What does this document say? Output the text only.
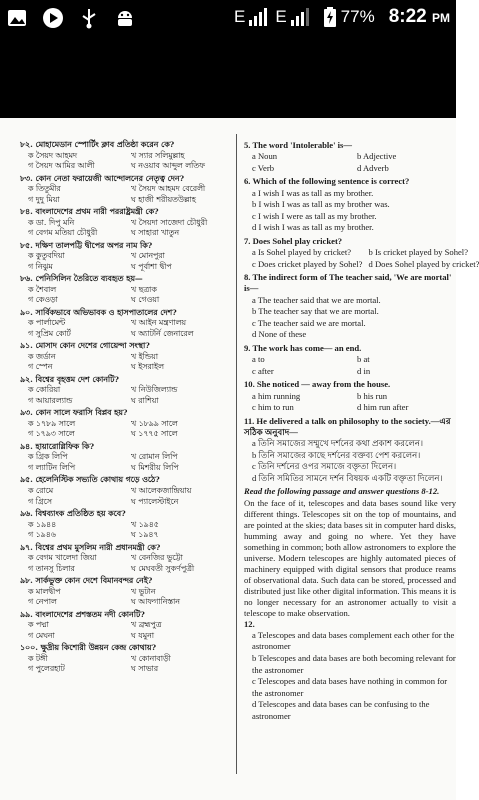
E E	77% 8:22 PM
৮২. মোহামেডান স্পোর্টিং ক্লাব প্রতিষ্ঠা করেন কে?
ক সৈয়দ আহমদ	খ স্যার সলিমুল্লাহ
গ সৈয়দ আমির আলী	ঘ নওয়াব আব্দুল লতিফ
৮৩. কোন নেতা ফরায়েজী আন্দোলনের নেতৃত্ব দেন?
ক তিতুমীর	খ সৈয়দ আহমদ বেরেলী
গ দুদু মিয়া	ঘ হাজী শরীয়তউল্লাহ
৮৪. বাংলাদেশের প্রথম নারী পররাষ্ট্রমন্ত্রী কে?
ক ডা. দিপু মনি	খ সৈয়দা সাজেদা চৌধুরী
গ বেগম মতিয়া চৌধুরী	ঘ সাহারা খাতুন
৮৫. দক্ষিণ তালপট্টি দ্বীপের অপর নাম কি?
ক কুতুবদিয়া	খ মোনপুরা
গ নিঝুম	ঘ পূর্বাশা দ্বীপ
৮৬. পেনিসিলিন তৈরিতে ব্যবহৃত হয়—
ক শৈবাল	খ ছত্রাক
গ কেওড়া	ঘ গেওয়া
৯০. সার্বিকভাবে অভিভাবক ও হাসপাতালের দেশ?
ক পার্লামেন্ট	খ আইন মন্ত্রণালয়
গ সুপ্রিম কোর্ট	ঘ অ্যাটর্নি জেনারেল
৯১. মোসাদ কোন দেশের গোয়েন্দা সংস্থা?
ক জর্ডান	খ ইন্ডিয়া
গ স্পেন	ঘ ইসরাইল
৯২. বিশ্বের বৃহত্তম দেশ কোনটি?
ক কোরিয়া	খ নিউজিল্যান্ড
গ আয়ারল্যান্ড	ঘ রাশিয়া
৯৩. কোন সালে ফরাসি বিপ্লব হয়?
ক ১৭৮৯ সালে	খ ১৮৯৯ সালে
গ ১৭৯৩ সালে	ঘ ১৭৭৫ সালে
৯৪. হায়ারোগ্লিফিক কি?
ক গ্রিক লিপি	খ রোমান লিপি
গ ল্যাটিন লিপি	ঘ মিশরীয় লিপি
৯৫. হেলেনিস্টিক সভ্যতি কোথায় গড়ে ওঠে?
ক রোমে	খ আলেকজান্দ্রিয়ায়
গ গ্রিসে	ঘ প্যালেস্টাইনে
৯৬. বিশ্বব্যাংক প্রতিষ্ঠিত হয় কবে?
ক ১৯৪৪	খ ১৯৪৫
গ ১৯৪৬	ঘ ১৯৪৭
৯৭. বিশ্বের প্রথম মুসলিম নারী প্রধানমন্ত্রী কে?
ক বেগম খালেদা জিয়া	খ বেনজির ভুট্টো
গ তানসু চিলার	ঘ মেঘবতী সুকর্ণপুত্রী
৯৮. সার্কভুক্ত কোন দেশে বিমানবন্দর নেই?
ক মালদ্বীপ	খ ভুটান
গ নেপাল	ঘ আফগানিস্তান
৯৯. বাংলাদেশের প্রশস্ততম নদী কোনটি?
ক পদ্মা	খ ব্রহ্মপুত্র
গ মেঘনা	ঘ যমুনা
১০০. ক্ষুদ্রীয় কিশোরী উন্নয়ন কেন্দ্র কোথায়?
ক টঙ্গী	খ কোনাবাড়ী
গ পুলেরহাট	ঘ সাভার
5. The word 'Intolerable' is—
a Noun	b Adjective
c Verb	d Adverb
6. Which of the following sentence is correct?
a I wish I was as tall as my brother.
b I wish I was as tall as my brother was.
c I wish I were as tall as my brother.
d I wish I was as tall as my brother.
7. Does Sohel play cricket?
a Is Sohel played by cricket?	b Is cricket played by Sohel?
c Does cricket played by Sohel? d Does Sohel played by cricket?
8. The indirect form of The teacher said, 'We are mortal' is—
a The teacher said that we are mortal.
b The teacher say that we are mortal.
c The teacher said we are mortal.
d None of these
9. The work has come— an end.
a to	b at
c after	d in
10. She noticed — away from the house.
a him running	b his run
c him to run	d him run after
11. He delivered a talk on philosophy to the society.—এর সঠিক অনুবাদ—
a তিনি সমাজের সম্মুখে দর্শনের কথা প্রকাশ করলেন।
b তিনি সমাজের কাছে দর্শনের বক্তব্য পেশ করলেন।
c তিনি দর্শনের ওপর সমাজে বক্তৃতা দিলেন।
d তিনি সমিতির সামনে দর্শন বিষয়ক একটি বক্তৃতা দিলেন।
Read the following passage and answer questions 8-12.
On the face of it, telescopes and data bases sound like very different things. Telescopes sit on the top of mountains, and are pointed at the skies; data bases sit in computer hard disks, humming away and going no where. Yet they have something in common; both allow astronomers to explore the universe. Modern telescopes are highly automated pieces of machinery equipped with digital sensors that produce reams of observational data. Such data can be stored, processed and distributed just like other digital information. This means it is no longer necessary for an astronomer actually to visit a telescope to make observation.
12.
a Telescopes and data bases complement each other for the astronomer
b Telescopes and data bases are both becoming relevant for the astronomer
c Telescopes and data bases have nothing in common for the astronomer
d Telescopes and data bases can be confusing to the astronomer
